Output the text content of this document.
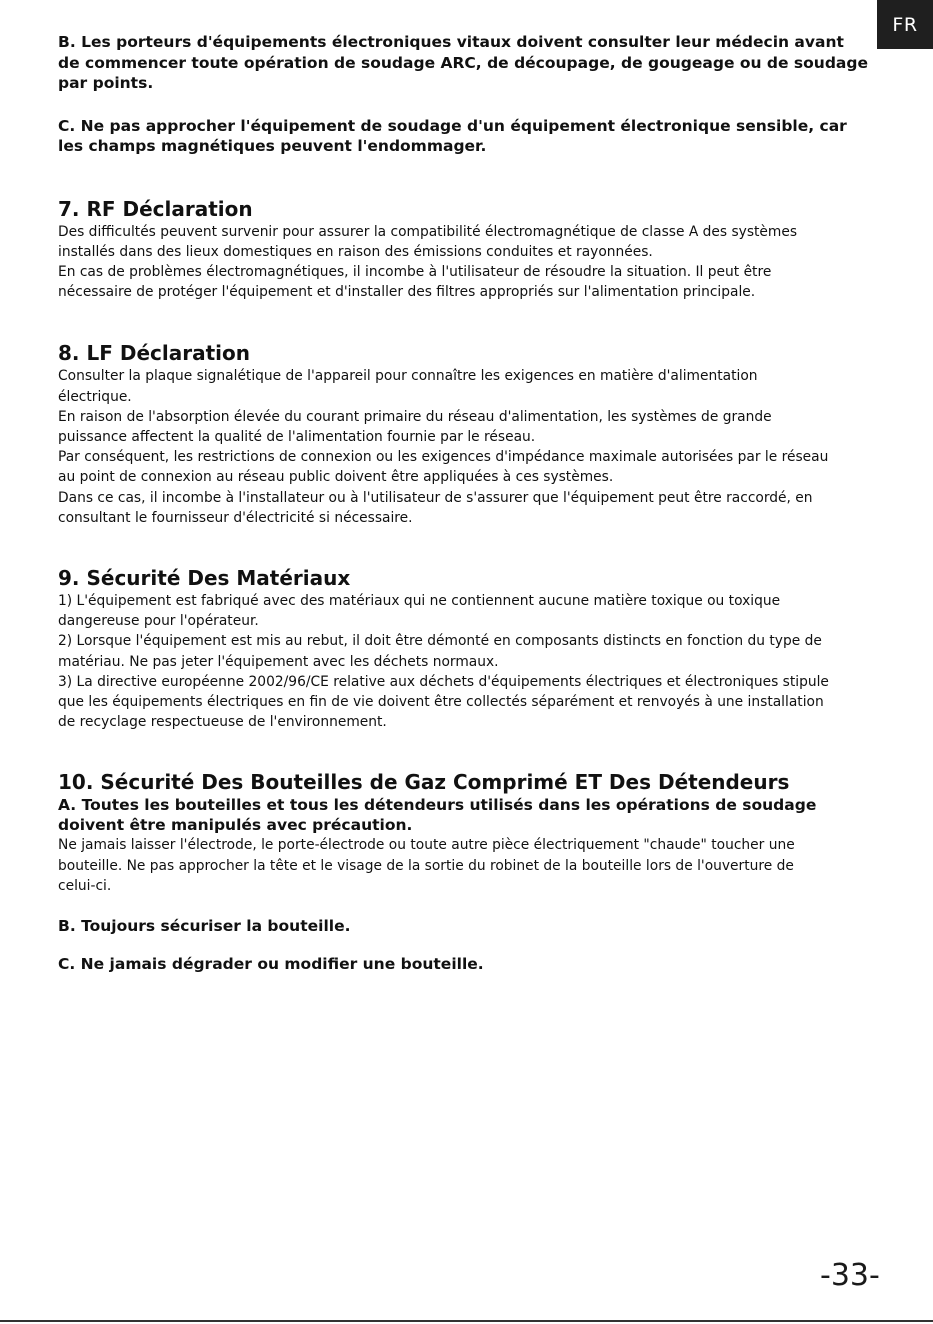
FR

B. Les porteurs d'équipements électroniques vitaux doivent consulter leur médecin avant

de commencer toute opération de soudage ARC, de découpage, de gougeage ou de soudage

par points.

C. Ne pas approcher l'équipement de soudage d'un équipement électronique sensible, car

les champs magnétiques peuvent l'endommager.

7. RF Déclaration

Des difficultés peuvent survenir pour assurer la compatibilité électromagnétique de classe A des systèmes

installés dans des lieux domestiques en raison des émissions conduites et rayonnées.

En cas de problèmes électromagnétiques, il incombe à l'utilisateur de résoudre la situation. Il peut être

nécessaire de protéger l'équipement et d'installer des filtres appropriés sur l'alimentation principale.

8. LF Déclaration

Consulter la plaque signalétique de l'appareil pour connaître les exigences en matière d'alimentation

électrique.

En raison de l'absorption élevée du courant primaire du réseau d'alimentation, les systèmes de grande

puissance affectent la qualité de l'alimentation fournie par le réseau.

Par conséquent, les restrictions de connexion ou les exigences d'impédance maximale autorisées par le réseau

au point de connexion au réseau public doivent être appliquées à ces systèmes.

Dans ce cas, il incombe à l'installateur ou à l'utilisateur de s'assurer que l'équipement peut être raccordé, en

consultant le fournisseur d'électricité si nécessaire.

9. Sécurité Des Matériaux

1) L'équipement est fabriqué avec des matériaux qui ne contiennent aucune matière toxique ou toxique

dangereuse pour l'opérateur.

2) Lorsque l'équipement est mis au rebut, il doit être démonté en composants distincts en fonction du type de

matériau. Ne pas jeter l'équipement avec les déchets normaux.

3) La directive européenne 2002/96/CE relative aux déchets d'équipements électriques et électroniques stipule

que les équipements électriques en fin de vie doivent être collectés séparément et renvoyés à une installation

de recyclage respectueuse de l'environnement.

10. Sécurité Des Bouteilles de Gaz Comprimé ET Des Détendeurs

A. Toutes les bouteilles et tous les détendeurs utilisés dans les opérations de soudage

doivent être manipulés avec précaution.

Ne jamais laisser l'électrode, le porte-électrode ou toute autre pièce électriquement "chaude" toucher une

bouteille. Ne pas approcher la tête et le visage de la sortie du robinet de la bouteille lors de l'ouverture de

celui-ci.

B. Toujours sécuriser la bouteille.

C. Ne jamais dégrader ou modifier une bouteille.

-33-
